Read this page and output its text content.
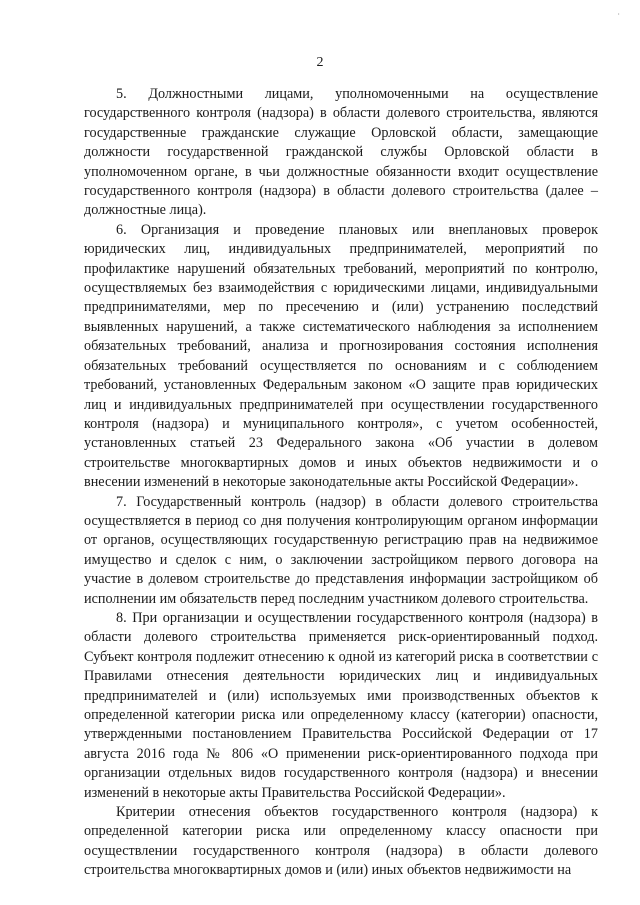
·
2

5. Должностными лицами, уполномоченными на осуществление государственного контроля (надзора) в области долевого строительства, являются государственные гражданские служащие Орловской области, замещающие должности государственной гражданской службы Орловской области в уполномоченном органе, в чьи должностные обязанности входит осуществление государственного контроля (надзора) в области долевого строительства (далее – должностные лица).

6. Организация и проведение плановых или внеплановых проверок юридических лиц, индивидуальных предпринимателей, мероприятий по профилактике нарушений обязательных требований, мероприятий по контролю, осуществляемых без взаимодействия с юридическими лицами, индивидуальными предпринимателями, мер по пресечению и (или) устранению последствий выявленных нарушений, а также систематического наблюдения за исполнением обязательных требований, анализа и прогнозирования состояния исполнения обязательных требований осуществляется по основаниям и с соблюдением требований, установленных Федеральным законом «О защите прав юридических лиц и индивидуальных предпринимателей при осуществлении государственного контроля (надзора) и муниципального контроля», с учетом особенностей, установленных статьей 23 Федерального закона «Об участии в долевом строительстве многоквартирных домов и иных объектов недвижимости и о внесении изменений в некоторые законодательные акты Российской Федерации».

7. Государственный контроль (надзор) в области долевого строительства осуществляется в период со дня получения контролирующим органом информации от органов, осуществляющих государственную регистрацию прав на недвижимое имущество и сделок с ним, о заключении застройщиком первого договора на участие в долевом строительстве до представления информации застройщиком об исполнении им обязательств перед последним участником долевого строительства.

8. При организации и осуществлении государственного контроля (надзора) в области долевого строительства применяется риск-ориентированный подход. Субъект контроля подлежит отнесению к одной из категорий риска в соответствии с Правилами отнесения деятельности юридических лиц и индивидуальных предпринимателей и (или) используемых ими производственных объектов к определенной категории риска или определенному классу (категории) опасности, утвержденными постановлением Правительства Российской Федерации от 17 августа 2016 года № 806 «О применении риск-ориентированного подхода при организации отдельных видов государственного контроля (надзора) и внесении изменений в некоторые акты Правительства Российской Федерации».

Критерии отнесения объектов государственного контроля (надзора) к определенной категории риска или определенному классу опасности при осуществлении государственного контроля (надзора) в области долевого строительства многоквартирных домов и (или) иных объектов недвижимости на
